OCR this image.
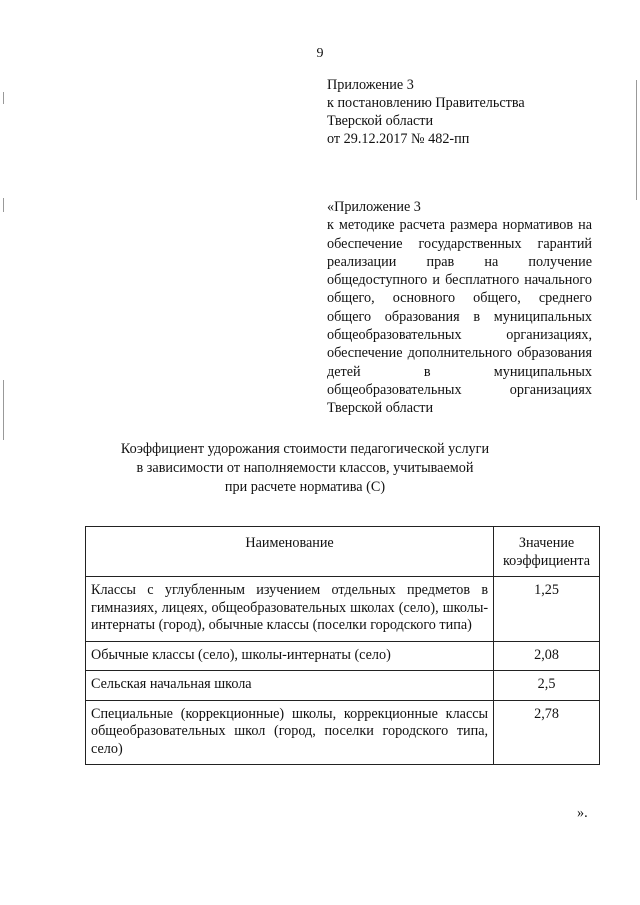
9
Приложение 3
к постановлению Правительства
Тверской области
от 29.12.2017 № 482-пп
«Приложение 3
к методике расчета размера нормативов на обеспечение государственных гарантий реализации прав на получение общедоступного и бесплатного начального общего, основного общего, среднего общего образования в муниципальных общеобразовательных организациях, обеспечение дополнительного образования детей в муниципальных общеобразовательных организациях Тверской области
Коэффициент удорожания стоимости педагогической услуги
в зависимости от наполняемости классов, учитываемой
при расчете норматива (С)
Наименование	Значение
коэффициента

Классы с углубленным изучением отдельных предметов в гимназиях, лицеях, общеобразовательных школах (село), школы-интернаты (город), обычные классы (поселки городского типа)	1,25
Обычные классы (село), школы-интернаты (село)	2,08
Сельская начальная школа	2,5
Специальные (коррекционные) школы, коррекционные классы общеобразовательных школ (город, поселки городского типа, село)	2,78
».
